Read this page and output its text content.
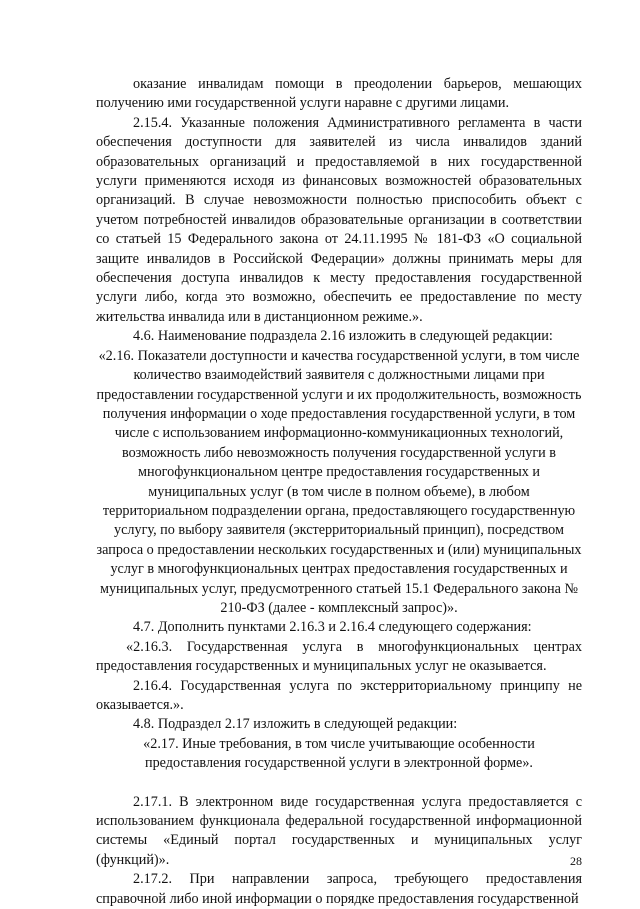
оказание инвалидам помощи в преодолении барьеров, мешающих получению ими государственной услуги наравне с другими лицами.

2.15.4. Указанные положения Административного регламента в части обеспечения доступности для заявителей из числа инвалидов зданий образовательных организаций и предоставляемой в них государственной услуги применяются исходя из финансовых возможностей образовательных организаций. В случае невозможности полностью приспособить объект с учетом потребностей инвалидов образовательные организации в соответствии со статьей 15 Федерального закона от 24.11.1995 № 181-ФЗ «О социальной защите инвалидов в Российской Федерации» должны принимать меры для обеспечения доступа инвалидов к месту предоставления государственной услуги либо, когда это возможно, обеспечить ее предоставление по месту жительства инвалида или в дистанционном режиме.».

4.6. Наименование подраздела 2.16 изложить в следующей редакции:

«2.16. Показатели доступности и качества государственной услуги, в том числе количество взаимодействий заявителя с должностными лицами при предоставлении государственной услуги и их продолжительность, возможность получения информации о ходе предоставления государственной услуги, в том числе с использованием информационно-коммуникационных технологий, возможность либо невозможность получения государственной услуги в многофункциональном центре предоставления государственных и муниципальных услуг (в том числе в полном объеме), в любом территориальном подразделении органа, предоставляющего государственную услугу, по выбору заявителя (экстерриториальный принцип), посредством запроса о предоставлении нескольких государственных и (или) муниципальных услуг в многофункциональных центрах предоставления государственных и муниципальных услуг, предусмотренного статьей 15.1 Федерального закона № 210-ФЗ (далее - комплексный запрос)».

4.7. Дополнить пунктами 2.16.3 и 2.16.4 следующего содержания:

«2.16.3. Государственная услуга в многофункциональных центрах предоставления государственных и муниципальных услуг не оказывается.

2.16.4. Государственная услуга по экстерриториальному принципу не оказывается.».

4.8. Подраздел 2.17 изложить в следующей редакции:

«2.17. Иные требования, в том числе учитывающие особенности предоставления государственной услуги в электронной форме».

2.17.1. В электронном виде государственная услуга предоставляется с использованием функционала федеральной государственной информационной системы «Единый портал государственных и муниципальных услуг (функций)».

2.17.2. При направлении запроса, требующего предоставления справочной либо иной информации о порядке предоставления государственной

28
